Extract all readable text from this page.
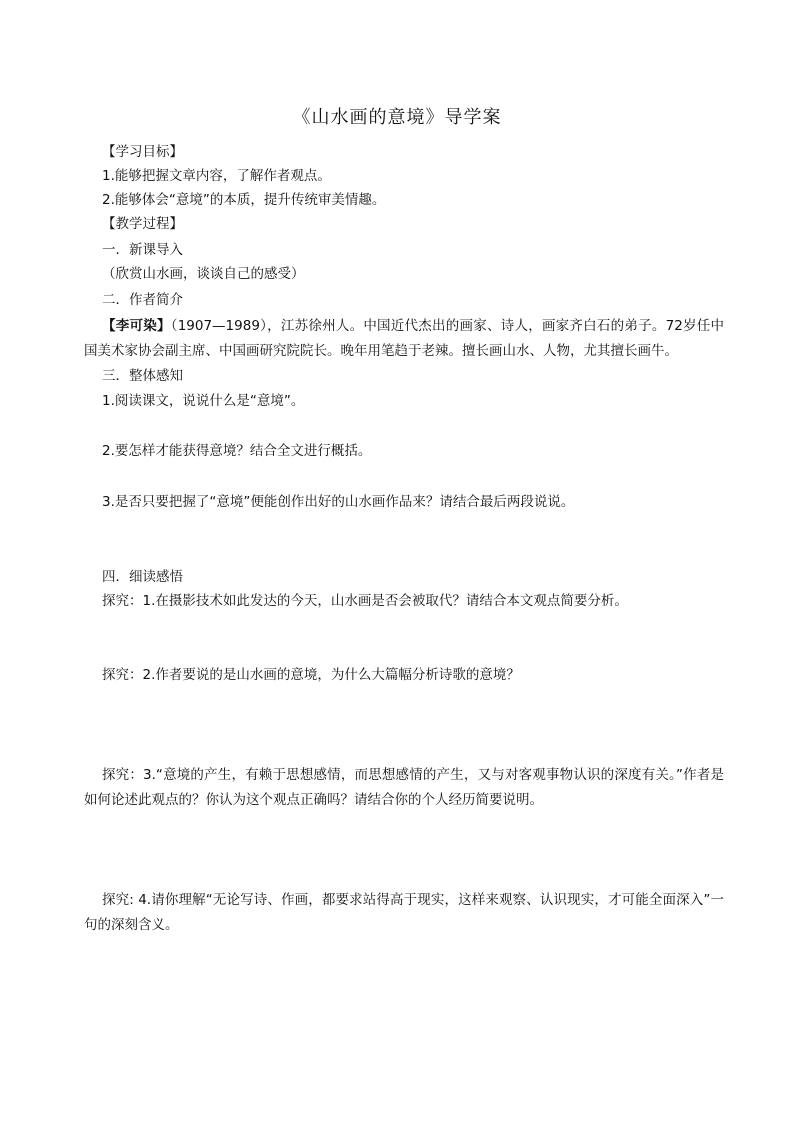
《山水画的意境》导学案
【学习目标】
1.能够把握文章内容，了解作者观点。
2.能够体会“意境”的本质，提升传统审美情趣。
【教学过程】
一．新课导入
（欣赏山水画，谈谈自己的感受）
二．作者简介
【李可染】（1907—1989），江苏徐州人。中国近代杰出的画家、诗人，画家齐白石的弟子。72岁任中国美术家协会副主席、中国画研究院院长。晚年用笔趋于老辣。擅长画山水、人物，尤其擅长画牛。
三．整体感知
1.阅读课文，说说什么是“意境”。
2.要怎样才能获得意境？结合全文进行概括。
3.是否只要把握了“意境”便能创作出好的山水画作品来？请结合最后两段说说。
四．细读感悟
探究：1.在摄影技术如此发达的今天，山水画是否会被取代？请结合本文观点简要分析。
探究：2.作者要说的是山水画的意境，为什么大篇幅分析诗歌的意境？
探究：3.“意境的产生，有赖于思想感情，而思想感情的产生，又与对客观事物认识的深度有关。”作者是如何论述此观点的？你认为这个观点正确吗？请结合你的个人经历简要说明。
探究: 4.请你理解“无论写诗、作画，都要求站得高于现实，这样来观察、认识现实，才可能全面深入”一句的深刻含义。
